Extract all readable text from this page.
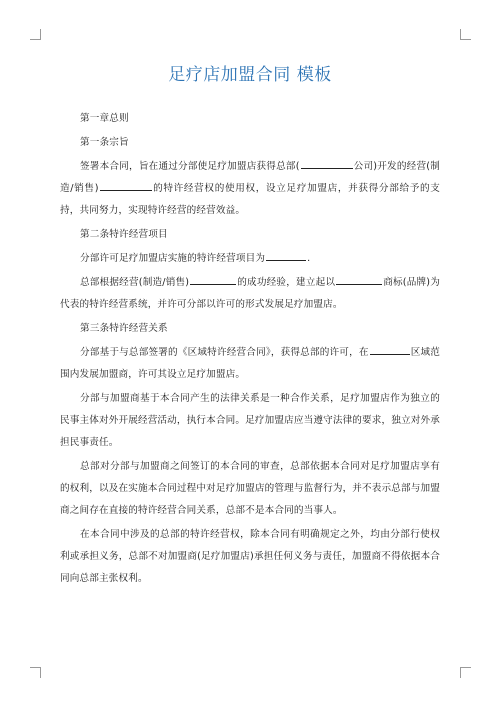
足疗店加盟合同 模板
第一章总则
第一条宗旨
签署本合同，旨在通过分部使足疗加盟店获得总部(	公司)开发的经营(制造/销售)	的特许经营权的使用权，设立足疗加盟店，并获得分部给予的支持，共同努力，实现特许经营的经营效益。
第二条特许经营项目
分部许可足疗加盟店实施的特许经营项目为	.
总部根据经营(制造/销售)	的成功经验，建立起以	商标(品牌)为代表的特许经营系统，并许可分部以许可的形式发展足疗加盟店。
第三条特许经营关系
分部基于与总部签署的《区域特许经营合同》，获得总部的许可，在	区域范围内发展加盟商，许可其设立足疗加盟店。
分部与加盟商基于本合同产生的法律关系是一种合作关系，足疗加盟店作为独立的民事主体对外开展经营活动，执行本合同。足疗加盟店应当遵守法律的要求，独立对外承担民事责任。
总部对分部与加盟商之间签订的本合同的审查，总部依据本合同对足疗加盟店享有的权利，以及在实施本合同过程中对足疗加盟店的管理与监督行为，并不表示总部与加盟商之间存在直接的特许经营合同关系，总部不是本合同的当事人。
在本合同中涉及的总部的特许经营权，除本合同有明确规定之外，均由分部行使权利或承担义务，总部不对加盟商(足疗加盟店)承担任何义务与责任，加盟商不得依据本合同向总部主张权利。
